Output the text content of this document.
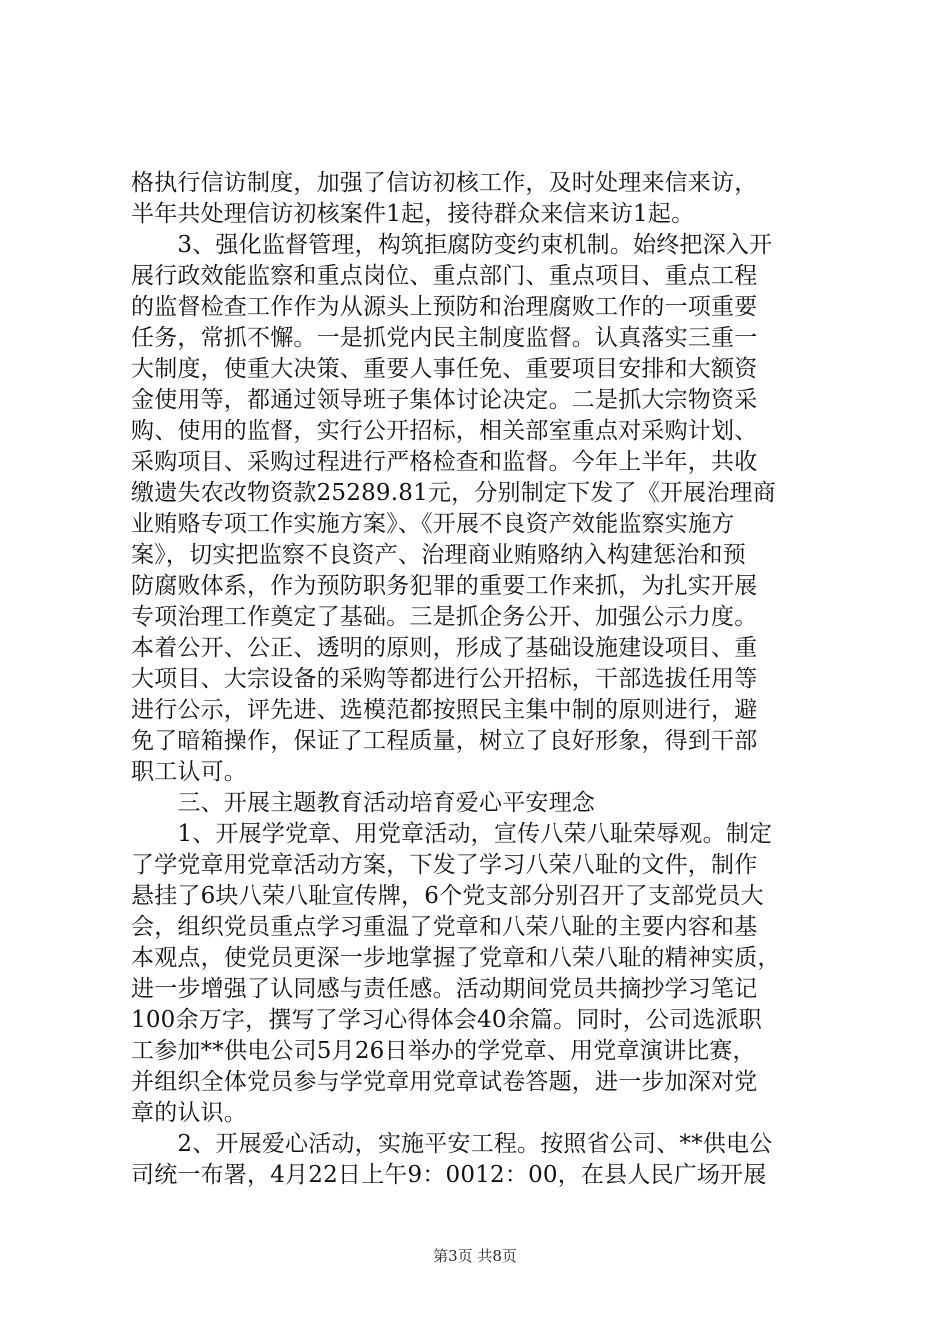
格执行信访制度，加强了信访初核工作，及时处理来信来访，
半年共处理信访初核案件1起，接待群众来信来访1起。
　　3、强化监督管理，构筑拒腐防变约束机制。始终把深入开
展行政效能监察和重点岗位、重点部门、重点项目、重点工程
的监督检查工作作为从源头上预防和治理腐败工作的一项重要
任务，常抓不懈。一是抓党内民主制度监督。认真落实三重一
大制度，使重大决策、重要人事任免、重要项目安排和大额资
金使用等，都通过领导班子集体讨论决定。二是抓大宗物资采
购、使用的监督，实行公开招标，相关部室重点对采购计划、
采购项目、采购过程进行严格检查和监督。今年上半年，共收
缴遗失农改物资款25289.81元，分别制定下发了《开展治理商
业贿赂专项工作实施方案》、《开展不良资产效能监察实施方
案》，切实把监察不良资产、治理商业贿赂纳入构建惩治和预
防腐败体系，作为预防职务犯罪的重要工作来抓，为扎实开展
专项治理工作奠定了基础。三是抓企务公开、加强公示力度。
本着公开、公正、透明的原则，形成了基础设施建设项目、重
大项目、大宗设备的采购等都进行公开招标，干部选拔任用等
进行公示，评先进、选模范都按照民主集中制的原则进行，避
免了暗箱操作，保证了工程质量，树立了良好形象，得到干部
职工认可。
　　三、开展主题教育活动培育爱心平安理念
　　1、开展学党章、用党章活动，宣传八荣八耻荣辱观。制定
了学党章用党章活动方案，下发了学习八荣八耻的文件，制作
悬挂了6块八荣八耻宣传牌，6个党支部分别召开了支部党员大
会，组织党员重点学习重温了党章和八荣八耻的主要内容和基
本观点，使党员更深一步地掌握了党章和八荣八耻的精神实质，
进一步增强了认同感与责任感。活动期间党员共摘抄学习笔记
100余万字，撰写了学习心得体会40余篇。同时，公司选派职
工参加**供电公司5月26日举办的学党章、用党章演讲比赛，
并组织全体党员参与学党章用党章试卷答题，进一步加深对党
章的认识。
　　2、开展爱心活动，实施平安工程。按照省公司、**供电公
司统一布署，4月22日上午9：0012：00，在县人民广场开展
第3页 共8页
